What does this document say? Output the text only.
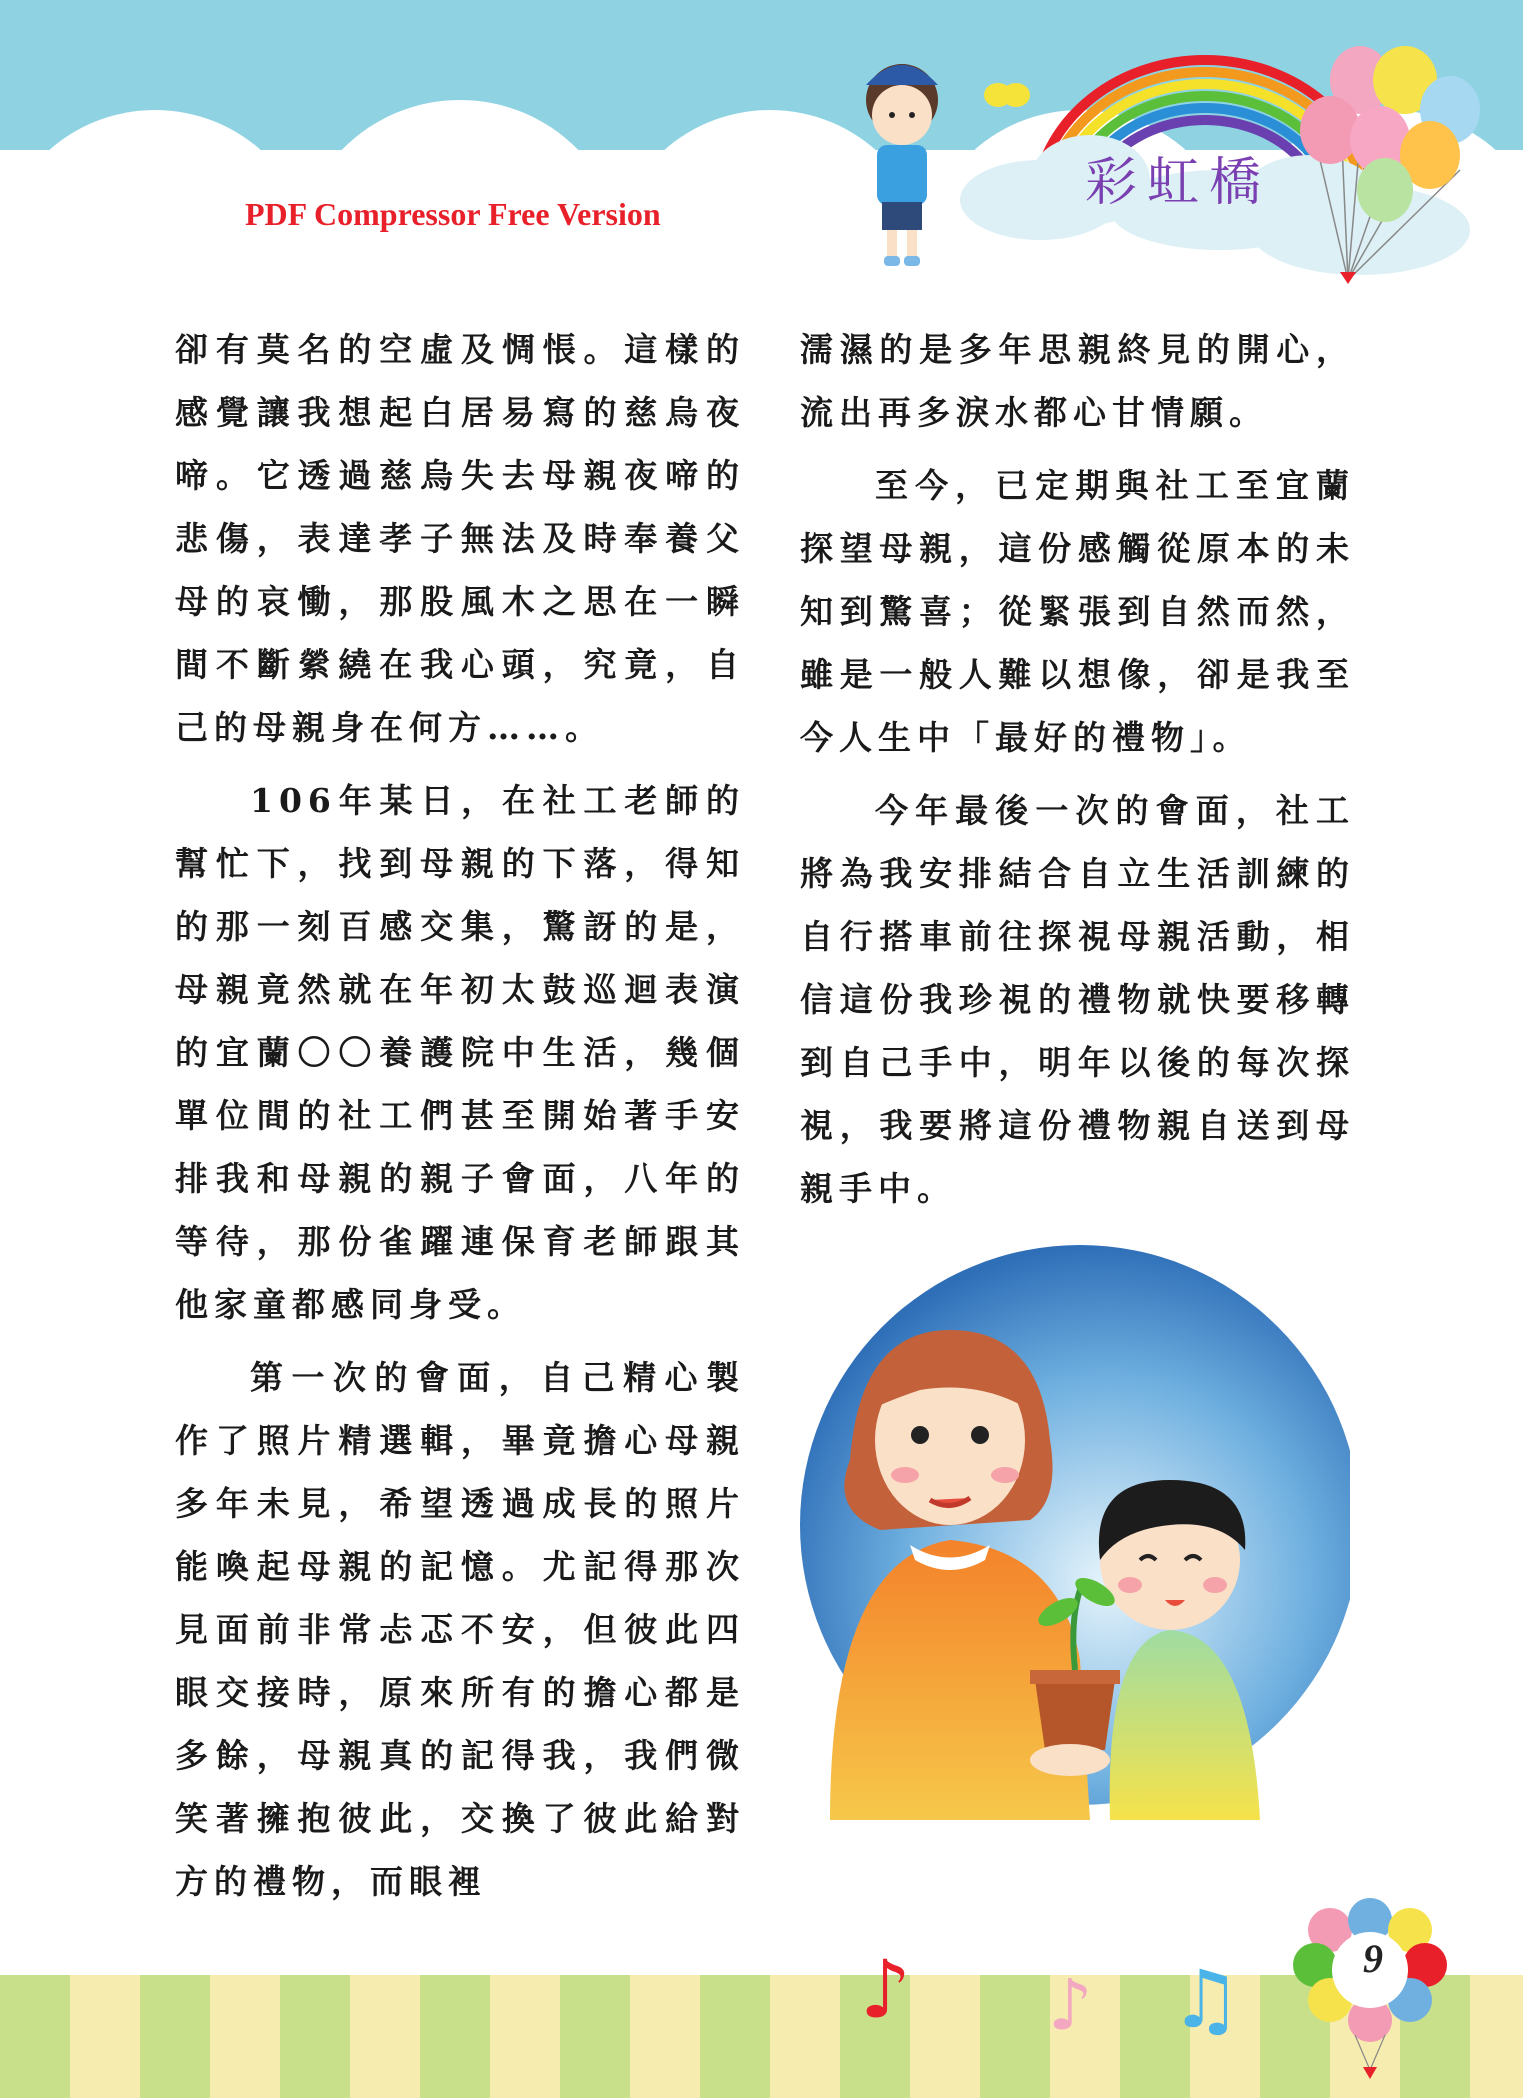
PDF Compressor Free Version
彩虹橋

卻有莫名的空虛及惆悵。這樣的感覺讓我想起白居易寫的慈烏夜啼。它透過慈烏失去母親夜啼的悲傷，表達孝子無法及時奉養父母的哀慟，那股風木之思在一瞬間不斷縈繞在我心頭，究竟，自己的母親身在何方……。

106年某日，在社工老師的幫忙下，找到母親的下落，得知的那一刻百感交集，驚訝的是，母親竟然就在年初太鼓巡迴表演的宜蘭〇〇養護院中生活，幾個單位間的社工們甚至開始著手安排我和母親的親子會面，八年的等待，那份雀躍連保育老師跟其他家童都感同身受。

第一次的會面，自己精心製作了照片精選輯，畢竟擔心母親多年未見，希望透過成長的照片能喚起母親的記憶。尤記得那次見面前非常忐忑不安，但彼此四眼交接時，原來所有的擔心都是多餘，母親真的記得我，我們微笑著擁抱彼此，交換了彼此給對方的禮物，而眼裡

濡濕的是多年思親終見的開心，流出再多淚水都心甘情願。

至今，已定期與社工至宜蘭探望母親，這份感觸從原本的未知到驚喜；從緊張到自然而然，雖是一般人難以想像，卻是我至今人生中「最好的禮物」。

今年最後一次的會面，社工將為我安排結合自立生活訓練的自行搭車前往探視母親活動，相信這份我珍視的禮物就快要移轉到自己手中，明年以後的每次探視，我要將這份禮物親自送到母親手中。

♪ ♪ ♫	9
